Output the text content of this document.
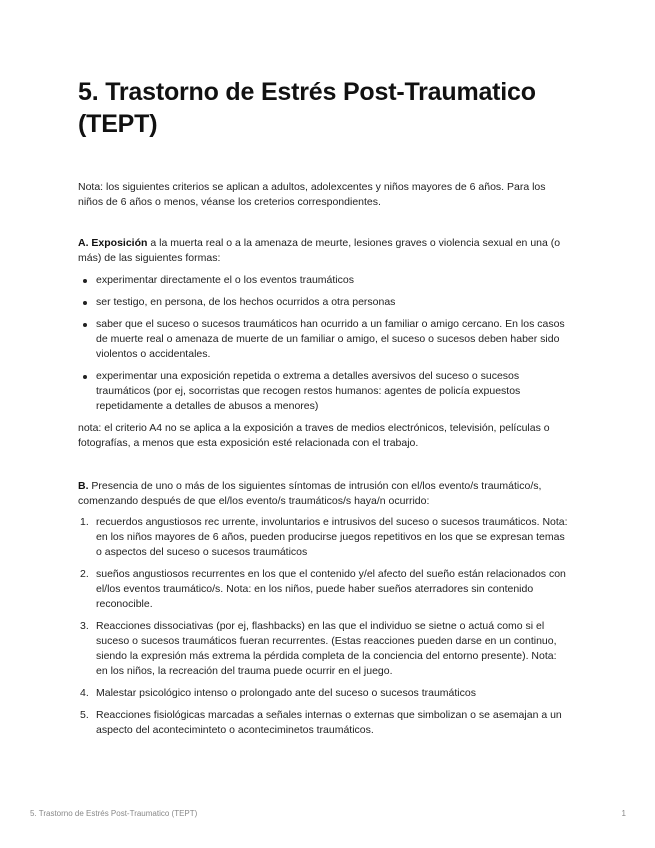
5. Trastorno de Estrés Post-Traumatico (TEPT)

Nota: los siguientes criterios se aplican a adultos, adolexcentes y niños mayores de 6 años. Para los niños de 6 años o menos, véanse los creterios correspondientes.

A. Exposición a la muerta real o a la amenaza de meurte, lesiones graves o violencia sexual en una (o más) de las siguientes formas:

experimentar directamente el o los eventos traumáticos
ser testigo, en persona, de los hechos ocurridos a otra personas
saber que el suceso o sucesos traumáticos han ocurrido a un familiar o amigo cercano. En los casos de muerte real o amenaza de muerte de un familiar o amigo, el suceso o sucesos deben haber sido violentos o accidentales.
experimentar una exposición repetida o extrema a detalles aversivos del suceso o sucesos traumáticos (por ej, socorristas que recogen restos humanos: agentes de policía expuestos repetidamente a detalles de abusos a menores)

nota: el criterio A4 no se aplica a la exposición a traves de medios electrónicos, televisión, películas o fotografías, a menos que esta exposición esté relacionada con el trabajo.

B. Presencia de uno o más de los siguientes síntomas de intrusión con el/los evento/s traumático/s, comenzando después de que el/los evento/s traumáticos/s haya/n ocurrido:

1. recuerdos angustiosos rec urrente, involuntarios e intrusivos del suceso o sucesos traumáticos. Nota: en los niños mayores de 6 años, pueden producirse juegos repetitivos en los que se expresan temas o aspectos del suceso o sucesos traumáticos
2. sueños angustiosos recurrentes en los que el contenido y/el afecto del sueño están relacionados con el/los eventos traumático/s. Nota: en los niños, puede haber sueños aterradores sin contenido reconocible.
3. Reacciones dissociativas (por ej, flashbacks) en las que el individuo se sietne o actuá como si el suceso o sucesos traumáticos fueran recurrentes. (Estas reacciones pueden darse en un continuo, siendo la expresión más extrema la pérdida completa de la conciencia del entorno presente). Nota: en los niños, la recreación del trauma puede ocurrir en el juego.
4. Malestar psicológico intenso o prolongado ante del suceso o sucesos traumáticos
5. Reacciones fisiológicas marcadas a señales internas o externas que simbolizan o se asemajan a un aspecto del aconteciminteto o aconteciminetos traumáticos.
5. Trastorno de Estrés Post-Traumatico (TEPT)	1
